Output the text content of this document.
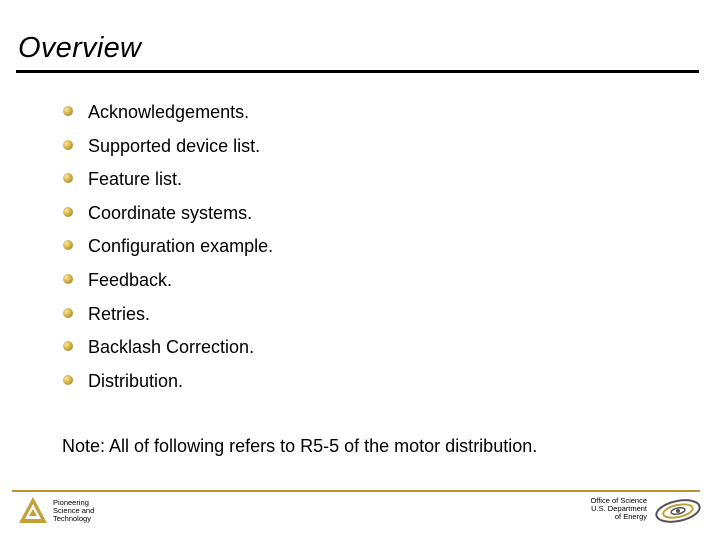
Overview
Acknowledgements.
Supported device list.
Feature list.
Coordinate systems.
Configuration example.
Feedback.
Retries.
Backlash Correction.
Distribution.
Note: All of following refers to R5-5 of the motor distribution.
Pioneering
Science and
Technology
Office of Science
U.S. Department
of Energy
